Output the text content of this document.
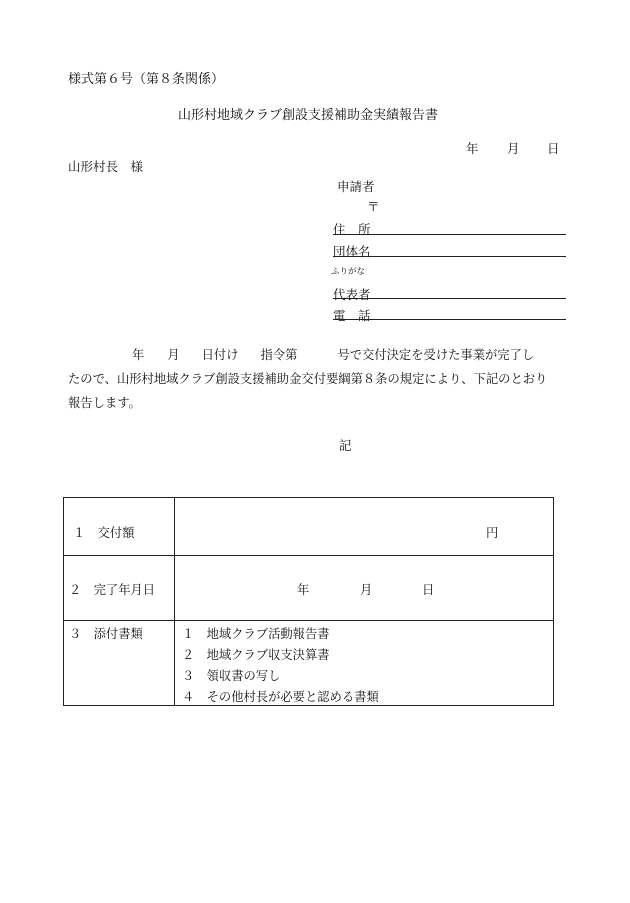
様式第６号（第８条関係）
山形村地域クラブ創設支援補助金実績報告書
年 月 日
山形村長　様
申請者
〒
住　所
団体名
ふりがな
代表者
電　話
年 月 日付け 指令第	号で交付決定を受けた事業が完了し
たので、山形村地域クラブ創設支援補助金交付要綱第８条の規定により、下記のとおり
報告します。
記
１　交付額	円
２　完了年月日	年	月	日
３　添付書類	１　地域クラブ活動報告書
２　地域クラブ収支決算書
３　領収書の写し
４　その他村長が必要と認める書類
